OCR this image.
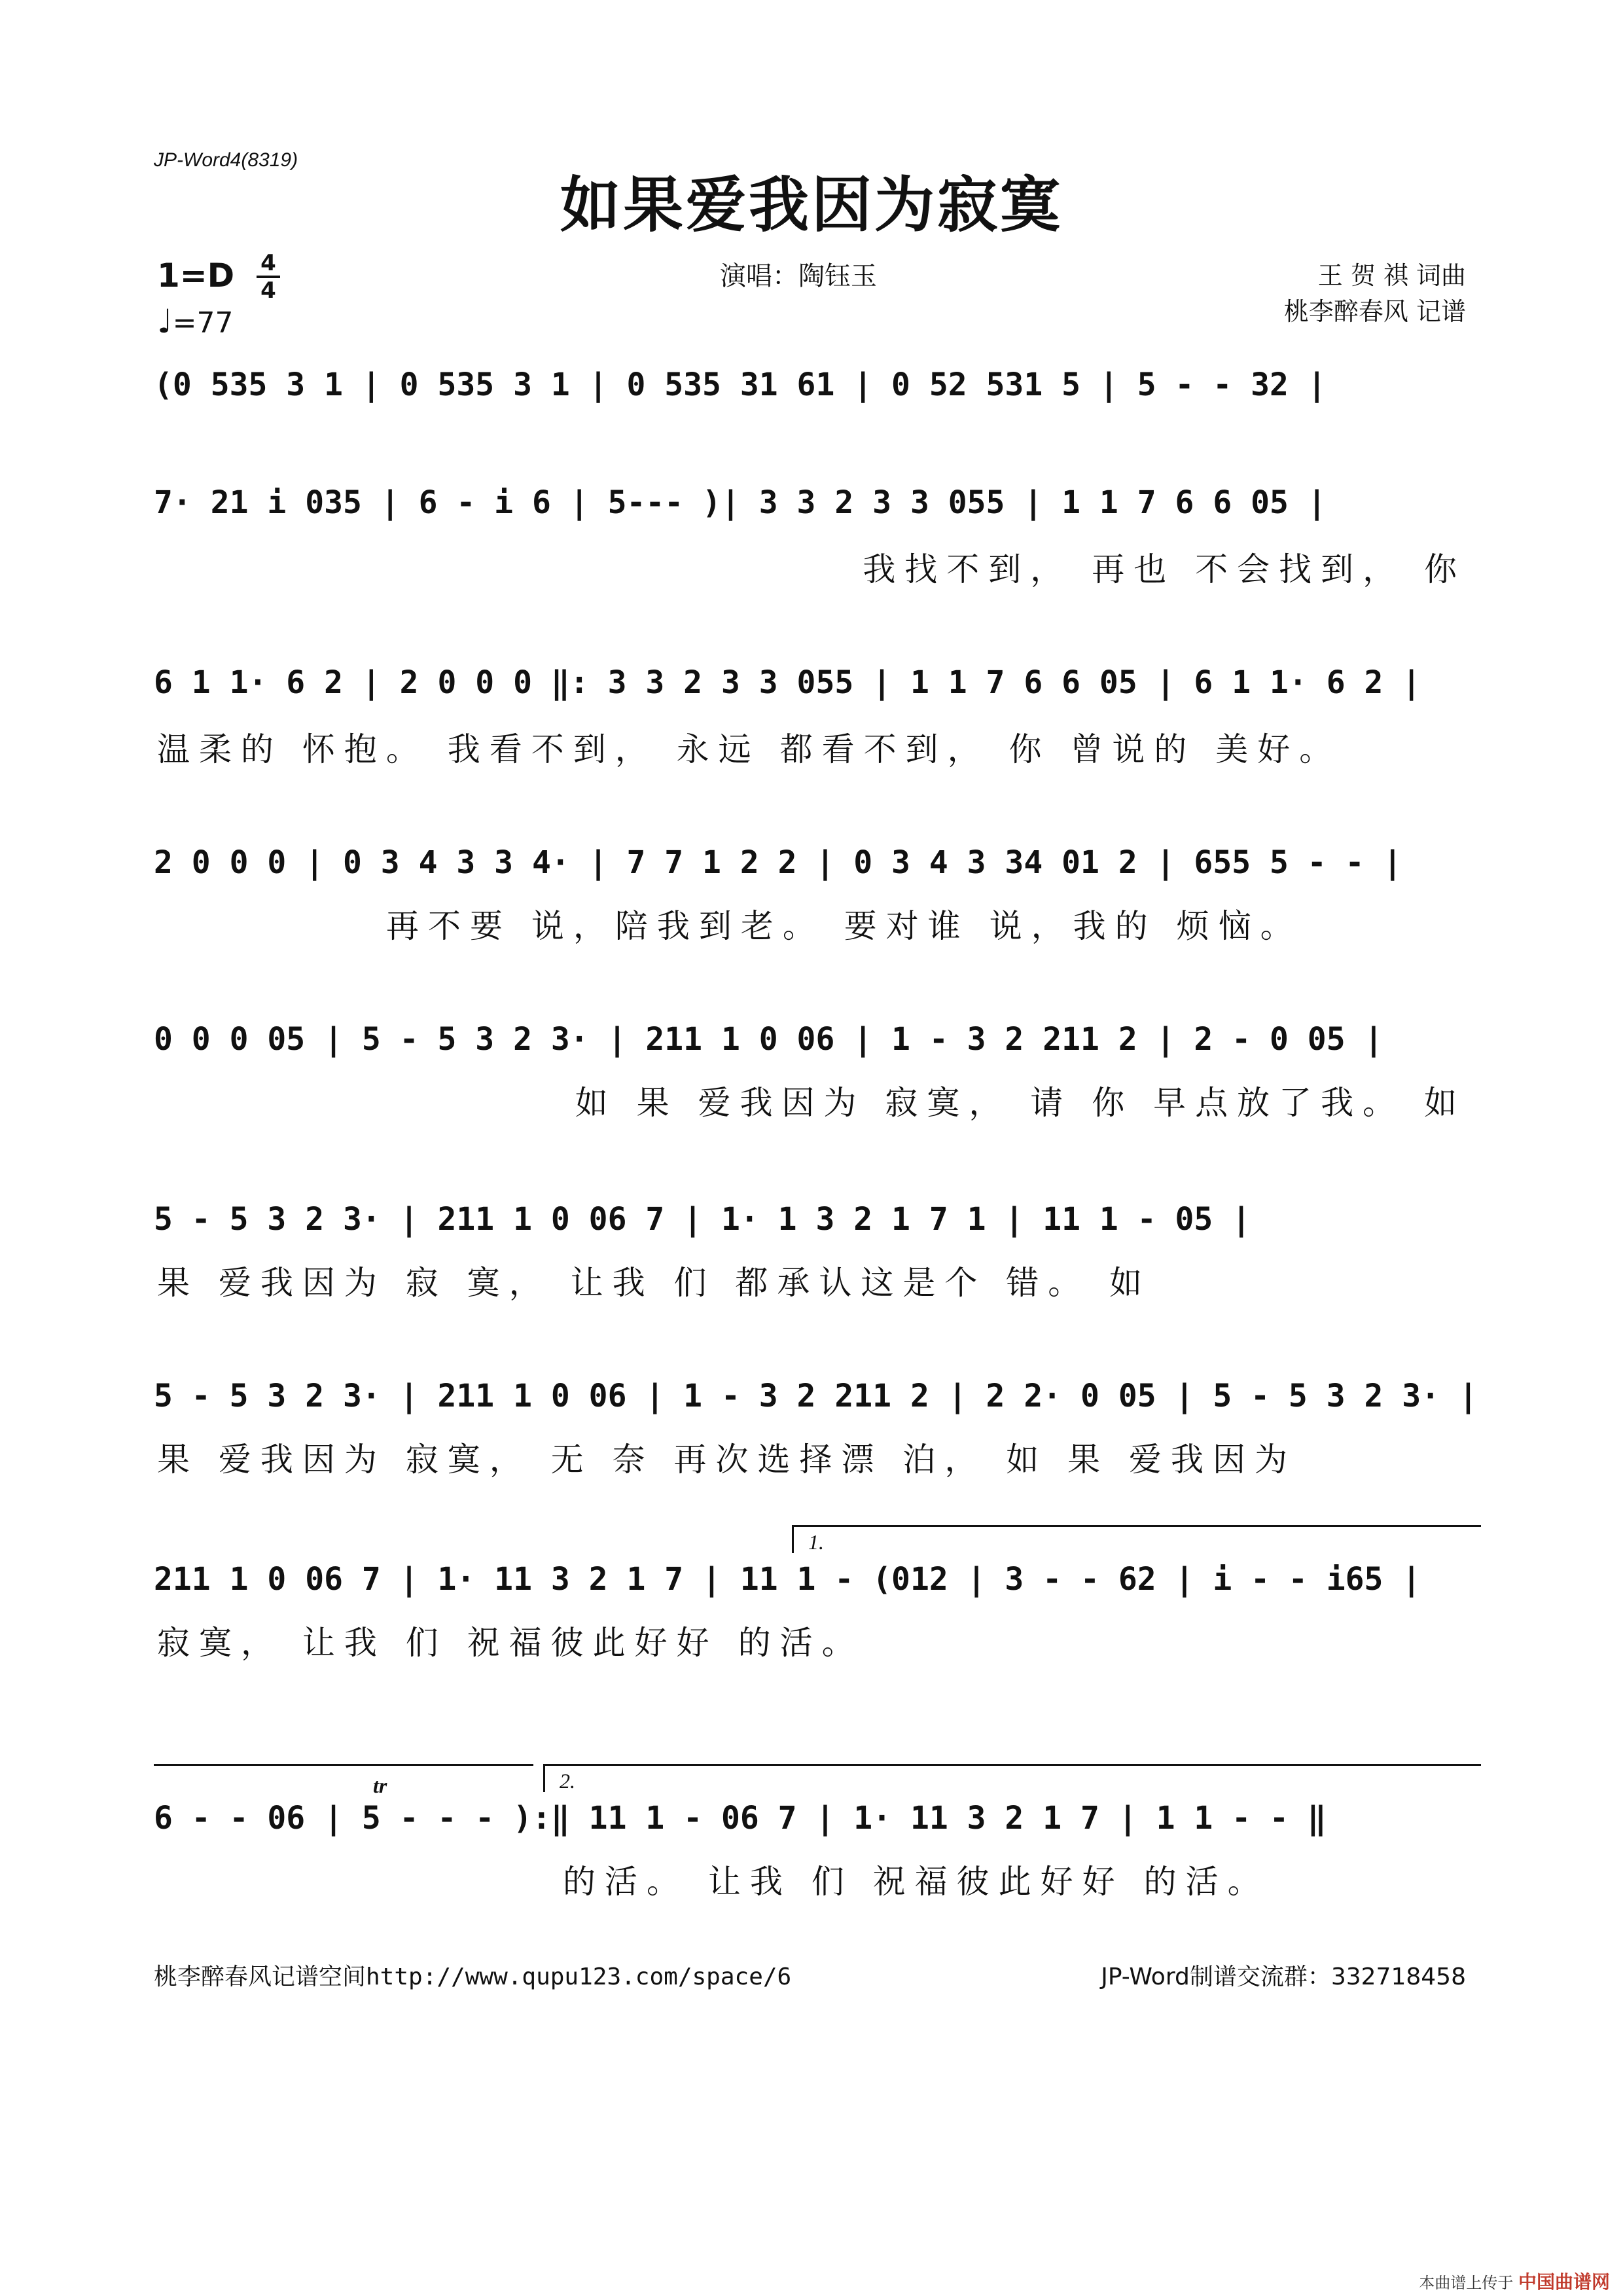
JP-Word4(8319)
如果爱我因为寂寞
1=D 4
4
♩=77
演唱：陶钰玉	王 贺 祺 词曲
桃李醉春风 记谱
(0 535 3 1 | 0 535 3 1 | 0 535 31 61 | 0 52 531 5 | 5 - - 32 |
7· 21 i 035 | 6 - i 6 | 5--- )| 3 3 2 3 3 055 | 1 1 7 6 6 05 |
我找不到， 再也 不会找到， 你
6 1 1· 6 2 | 2 0 0 0 ‖: 3 3 2 3 3 055 | 1 1 7 6 6 05 | 6 1 1· 6 2 |
温柔的 怀抱。 我看不到， 永远 都看不到， 你 曾说的 美好。
2 0 0 0 | 0 3 4 3 3 4· | 7 7 1 2 2 | 0 3 4 3 34 01 2 | 655 5 - - |
再不要 说，陪我到老。 要对谁 说，我的 烦恼。
0 0 0 05 | 5 - 5 3 2 3· | 211 1 0 06 | 1 - 3 2 211 2 | 2 - 0 05 |
如 果 爱我因为 寂寞， 请 你 早点放了我。 如
5 - 5 3 2 3· | 211 1 0 06 7 | 1· 1 3 2 1 7 1 | 11 1 - 05 |
果 爱我因为 寂 寞， 让我 们 都承认这是个 错。 如
5 - 5 3 2 3· | 211 1 0 06 | 1 - 3 2 211 2 | 2 2· 0 05 | 5 - 5 3 2 3· |
果 爱我因为 寂寞， 无 奈 再次选择漂 泊， 如 果 爱我因为
1.
211 1 0 06 7 | 1· 11 3 2 1 7 | 11 1 - (012 | 3 - - 62 | i - - i65 |
寂寞， 让我 们 祝福彼此好好 的活。
2.
tr
6 - - 06 | 5 - - - ):‖ 11 1 - 06 7 | 1· 11 3 2 1 7 | 1 1 - - ‖
的活。 让我 们 祝福彼此好好 的活。
桃李醉春风记谱空间http://www.qupu123.com/space/6	JP-Word制谱交流群：332718458
本曲谱上传于 中国曲谱网
